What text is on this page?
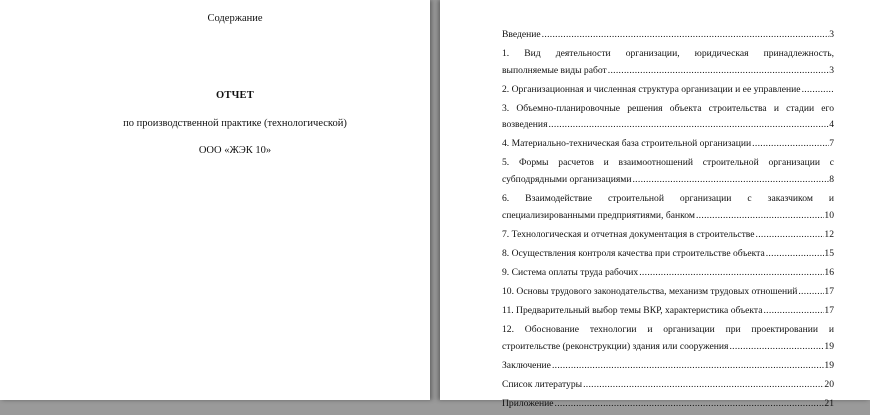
ОТЧЕТ
по производственной практике (технологической)
ООО «ЖЭК 10»
Содержание
Введение .....	3
1. Вид деятельности организации, юридическая принадлежность,
выполняемые виды работ .....	3
2. Организационная и численная структура организации и ее управление
.....
3. Объемно-планировочные решения объекта строительства и стадии его
возведения .....	4
4. Материально-техническая база строительной организации .....	7
5. Формы расчетов и взаимоотношений строительной организации с
субподрядными организациями .....	8
6. Взаимодействие строительной организации с заказчиком и
специализированными предприятиями, банком .....	10
7. Технологическая и отчетная документация в строительстве .....	12
8. Осуществления контроля качества при строительстве объекта .....	15
9. Система оплаты труда рабочих .....	16
10. Основы трудового законодательства, механизм трудовых отношений .....	17
11. Предварительный выбор темы ВКР, характеристика объекта .....	17
12. Обоснование технологии и организации при проектировании и
строительстве (реконструкции) здания или сооружения .....	19
Заключение .....	19
Список литературы .....	20
Приложение .....	21
